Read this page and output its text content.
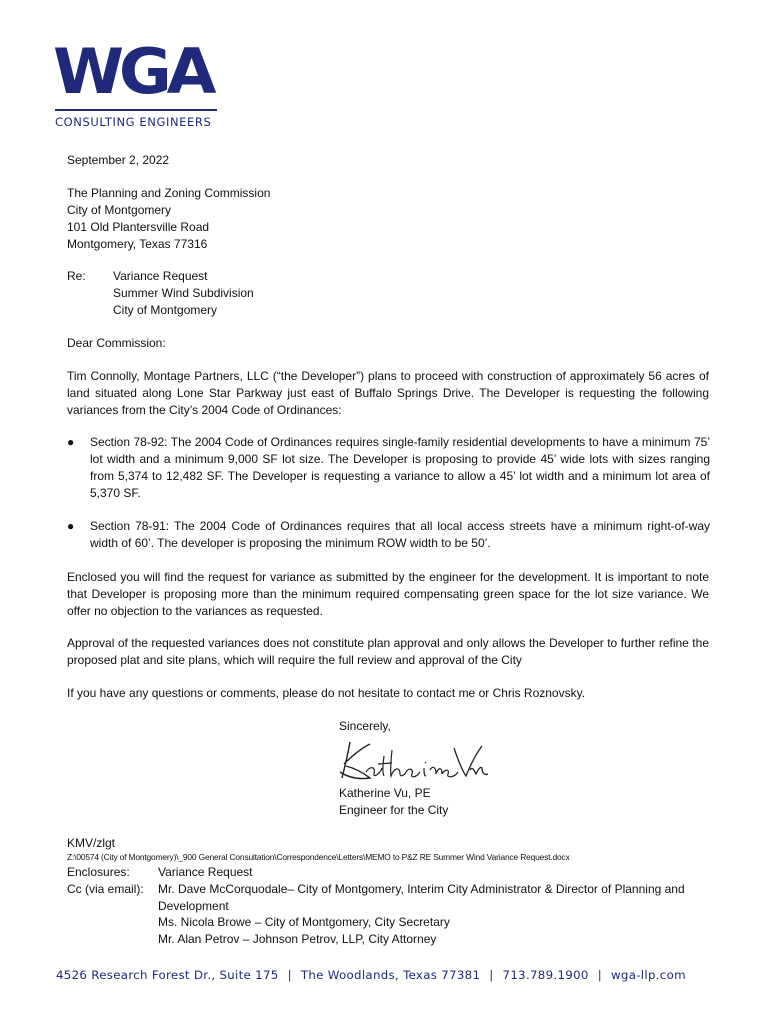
WGA
CONSULTING ENGINEERS
September 2, 2022
The Planning and Zoning Commission
City of Montgomery
101 Old Plantersville Road
Montgomery, Texas 77316
Re: Variance Request
Summer Wind Subdivision
City of Montgomery
Dear Commission:
Tim Connolly, Montage Partners, LLC (“the Developer”) plans to proceed with construction of approximately 56 acres of land situated along Lone Star Parkway just east of Buffalo Springs Drive. The Developer is requesting the following variances from the City’s 2004 Code of Ordinances:
●	Section 78-92: The 2004 Code of Ordinances requires single-family residential developments to have a minimum 75’ lot width and a minimum 9,000 SF lot size. The Developer is proposing to provide 45’ wide lots with sizes ranging from 5,374 to 12,482 SF. The Developer is requesting a variance to allow a 45’ lot width and a minimum lot area of 5,370 SF.
●	Section 78-91: The 2004 Code of Ordinances requires that all local access streets have a minimum right-of-way width of 60’. The developer is proposing the minimum ROW width to be 50’.
Enclosed you will find the request for variance as submitted by the engineer for the development. It is important to note that Developer is proposing more than the minimum required compensating green space for the lot size variance. We offer no objection to the variances as requested.
Approval of the requested variances does not constitute plan approval and only allows the Developer to further refine the proposed plat and site plans, which will require the full review and approval of the City
If you have any questions or comments, please do not hesitate to contact me or Chris Roznovsky.
Sincerely,
Katherine Vu, PE
Engineer for the City
KMV/zlgt
Z:\00574 (City of Montgomery)\_900 General Consultation\Correspondence\Letters\MEMO to P&Z RE Summer Wind Variance Request.docx
Enclosures: Variance Request
Cc (via email): Mr. Dave McCorquodale– City of Montgomery, Interim City Administrator & Director of Planning and Development
Ms. Nicola Browe – City of Montgomery, City Secretary
Mr. Alan Petrov – Johnson Petrov, LLP, City Attorney
4526 Research Forest Dr., Suite 175 | The Woodlands, Texas 77381 | 713.789.1900 | wga-llp.com
